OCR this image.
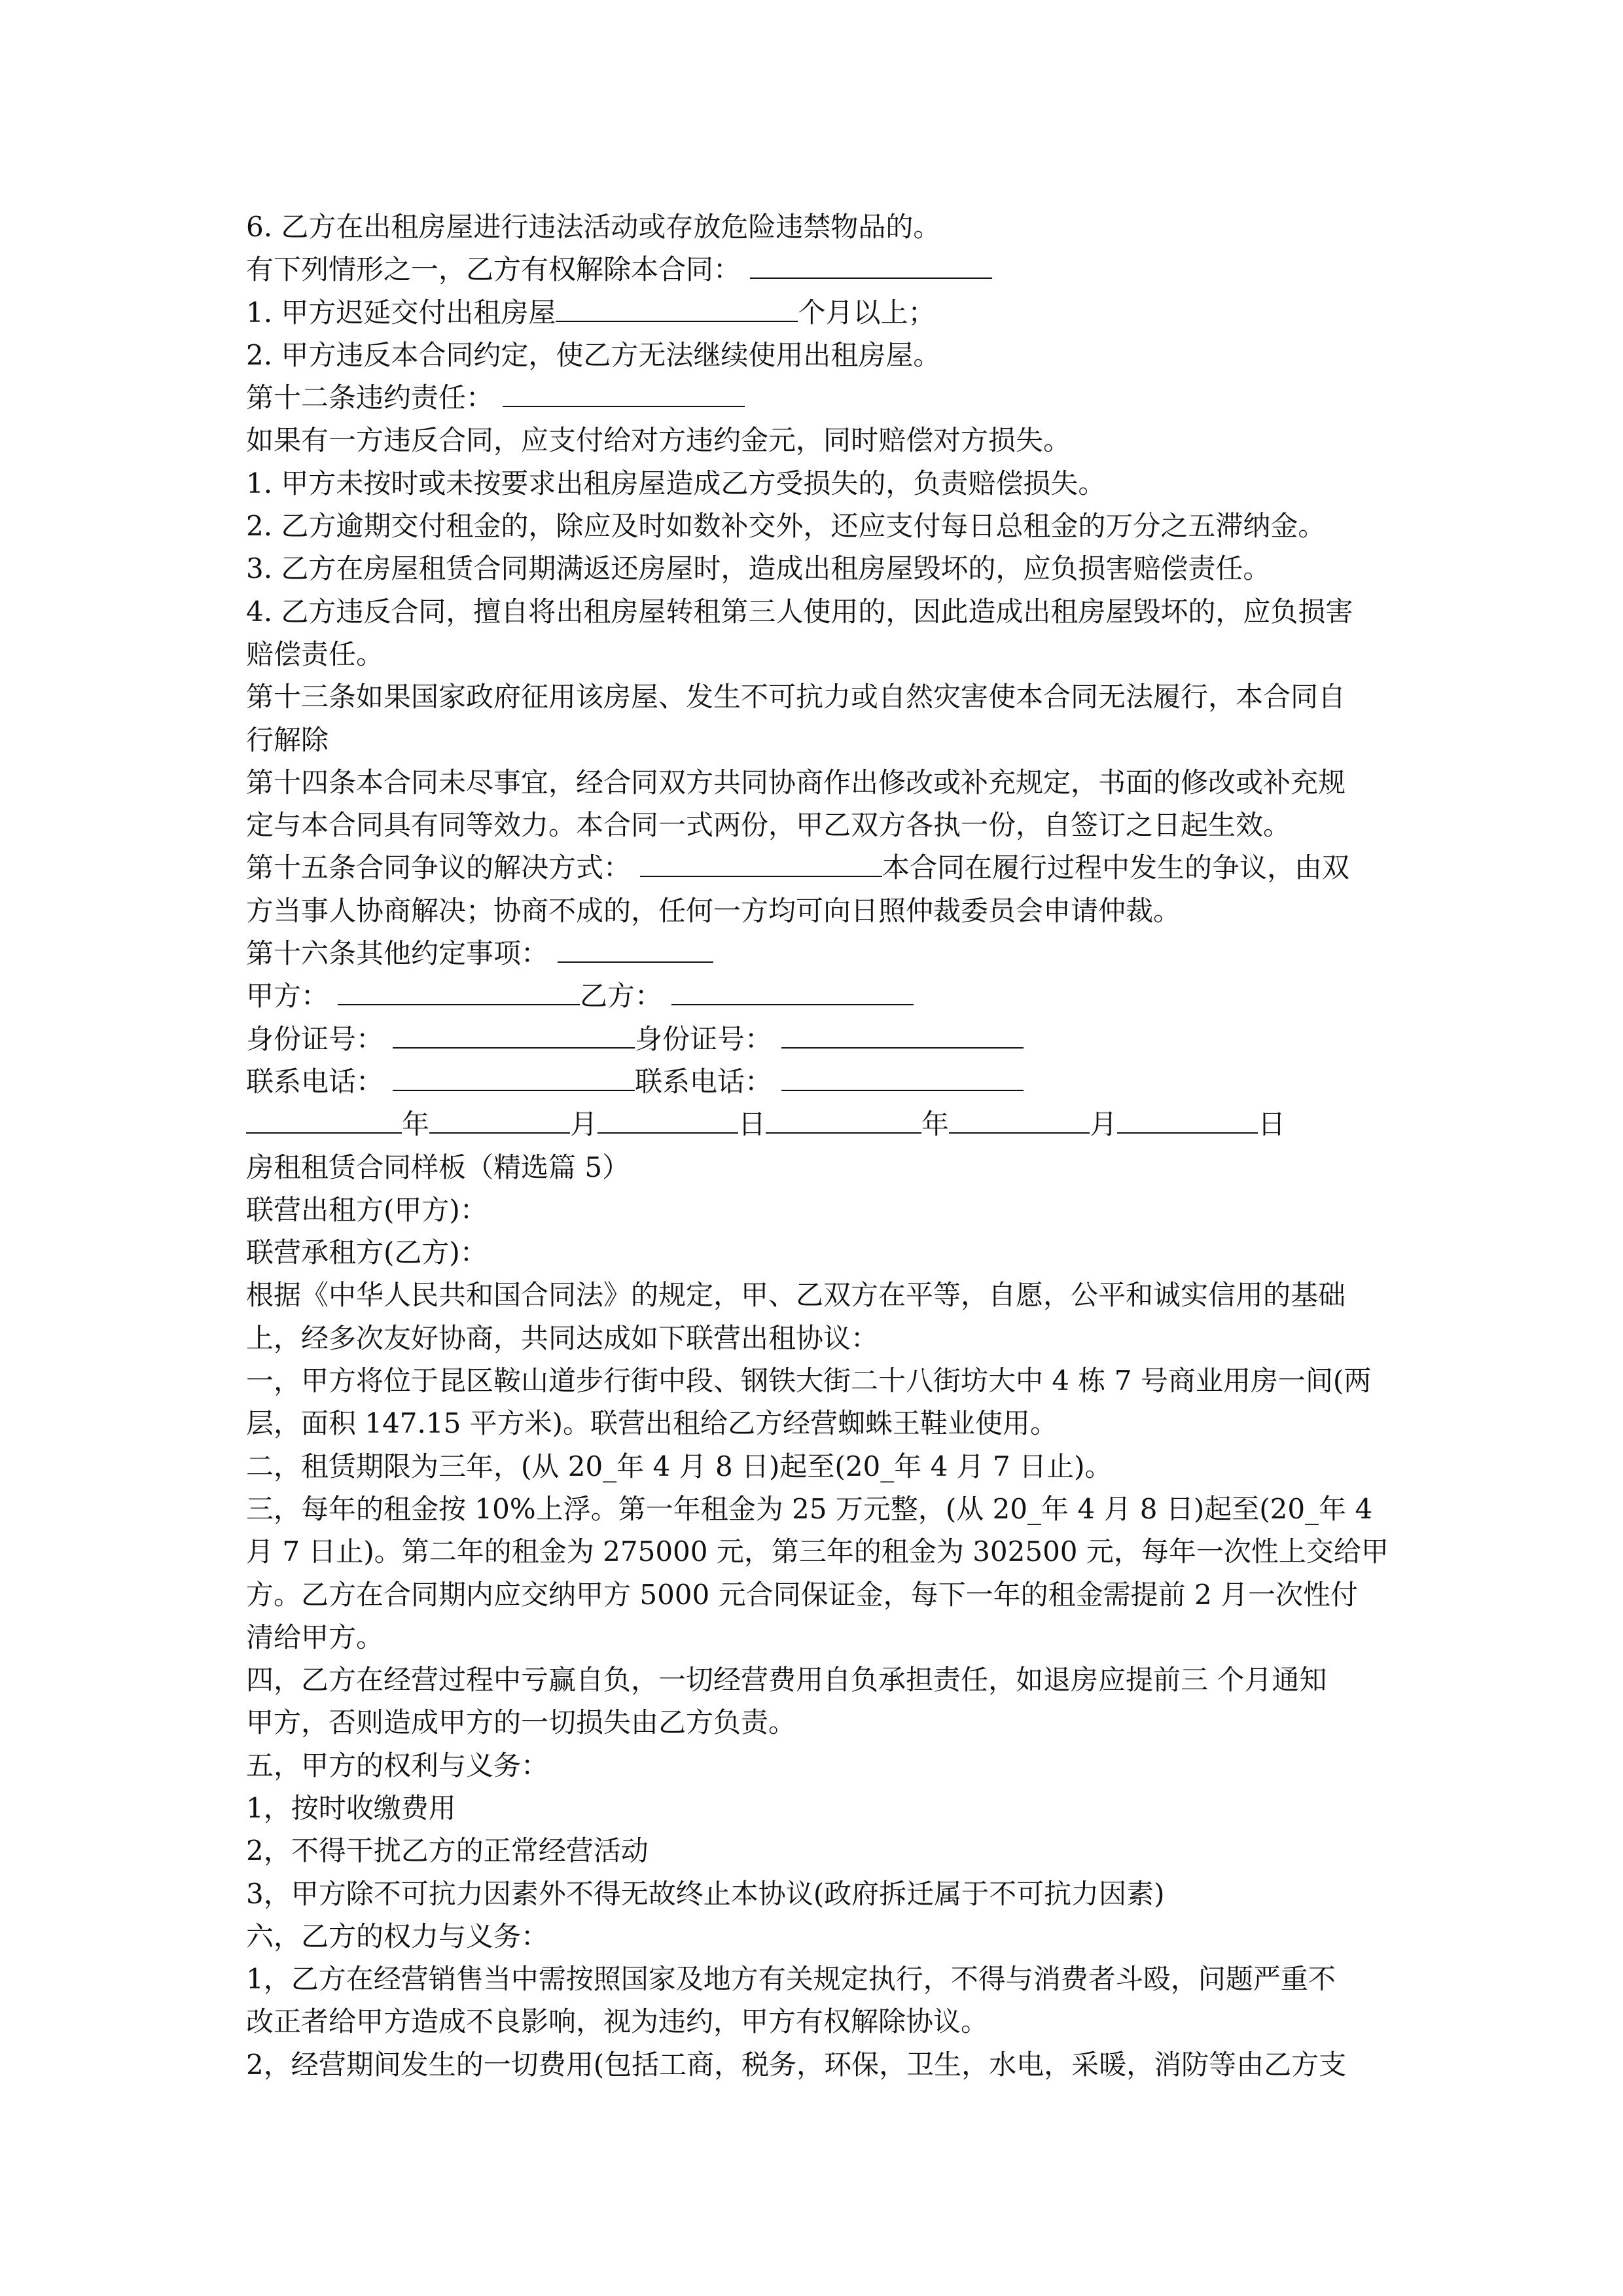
6. 乙方在出租房屋进行违法活动或存放危险违禁物品的。
有下列情形之一，乙方有权解除本合同：
1. 甲方迟延交付出租房屋	个月以上；
2. 甲方违反本合同约定，使乙方无法继续使用出租房屋。
第十二条违约责任：
如果有一方违反合同，应支付给对方违约金元，同时赔偿对方损失。
1. 甲方未按时或未按要求出租房屋造成乙方受损失的，负责赔偿损失。
2. 乙方逾期交付租金的，除应及时如数补交外，还应支付每日总租金的万分之五滞纳金。
3. 乙方在房屋租赁合同期满返还房屋时，造成出租房屋毁坏的，应负损害赔偿责任。
4. 乙方违反合同，擅自将出租房屋转租第三人使用的，因此造成出租房屋毁坏的，应负损害
赔偿责任。
第十三条如果国家政府征用该房屋、发生不可抗力或自然灾害使本合同无法履行，本合同自
行解除
第十四条本合同未尽事宜，经合同双方共同协商作出修改或补充规定，书面的修改或补充规
定与本合同具有同等效力。本合同一式两份，甲乙双方各执一份，自签订之日起生效。
第十五条合同争议的解决方式：	本合同在履行过程中发生的争议，由双
方当事人协商解决；协商不成的，任何一方均可向日照仲裁委员会申请仲裁。
第十六条其他约定事项：
甲方：	乙方：
身份证号：	身份证号：
联系电话：	联系电话：
年	月	日	年	月	日
房租租赁合同样板（精选篇 5）
联营出租方(甲方)：
联营承租方(乙方)：
根据《中华人民共和国合同法》的规定，甲、乙双方在平等，自愿，公平和诚实信用的基础
上，经多次友好协商，共同达成如下联营出租协议：
一，甲方将位于昆区鞍山道步行街中段、钢铁大街二十八街坊大中 4 栋 7 号商业用房一间(两
层，面积 147.15 平方米)。联营出租给乙方经营蜘蛛王鞋业使用。
二，租赁期限为三年，(从 20_年 4 月 8 日)起至(20_年 4 月 7 日止)。
三，每年的租金按 10%上浮。第一年租金为 25 万元整，(从 20_年 4 月 8 日)起至(20_年 4
月 7 日止)。第二年的租金为 275000 元，第三年的租金为 302500 元，每年一次性上交给甲
方。乙方在合同期内应交纳甲方 5000 元合同保证金，每下一年的租金需提前 2 月一次性付
清给甲方。
四，乙方在经营过程中亏赢自负，一切经营费用自负承担责任，如退房应提前三 个月通知
甲方，否则造成甲方的一切损失由乙方负责。
五，甲方的权利与义务：
1，按时收缴费用
2，不得干扰乙方的正常经营活动
3，甲方除不可抗力因素外不得无故终止本协议(政府拆迁属于不可抗力因素)
六，乙方的权力与义务：
1，乙方在经营销售当中需按照国家及地方有关规定执行，不得与消费者斗殴，问题严重不
改正者给甲方造成不良影响，视为违约，甲方有权解除协议。
2，经营期间发生的一切费用(包括工商，税务，环保，卫生，水电，采暖，消防等由乙方支
